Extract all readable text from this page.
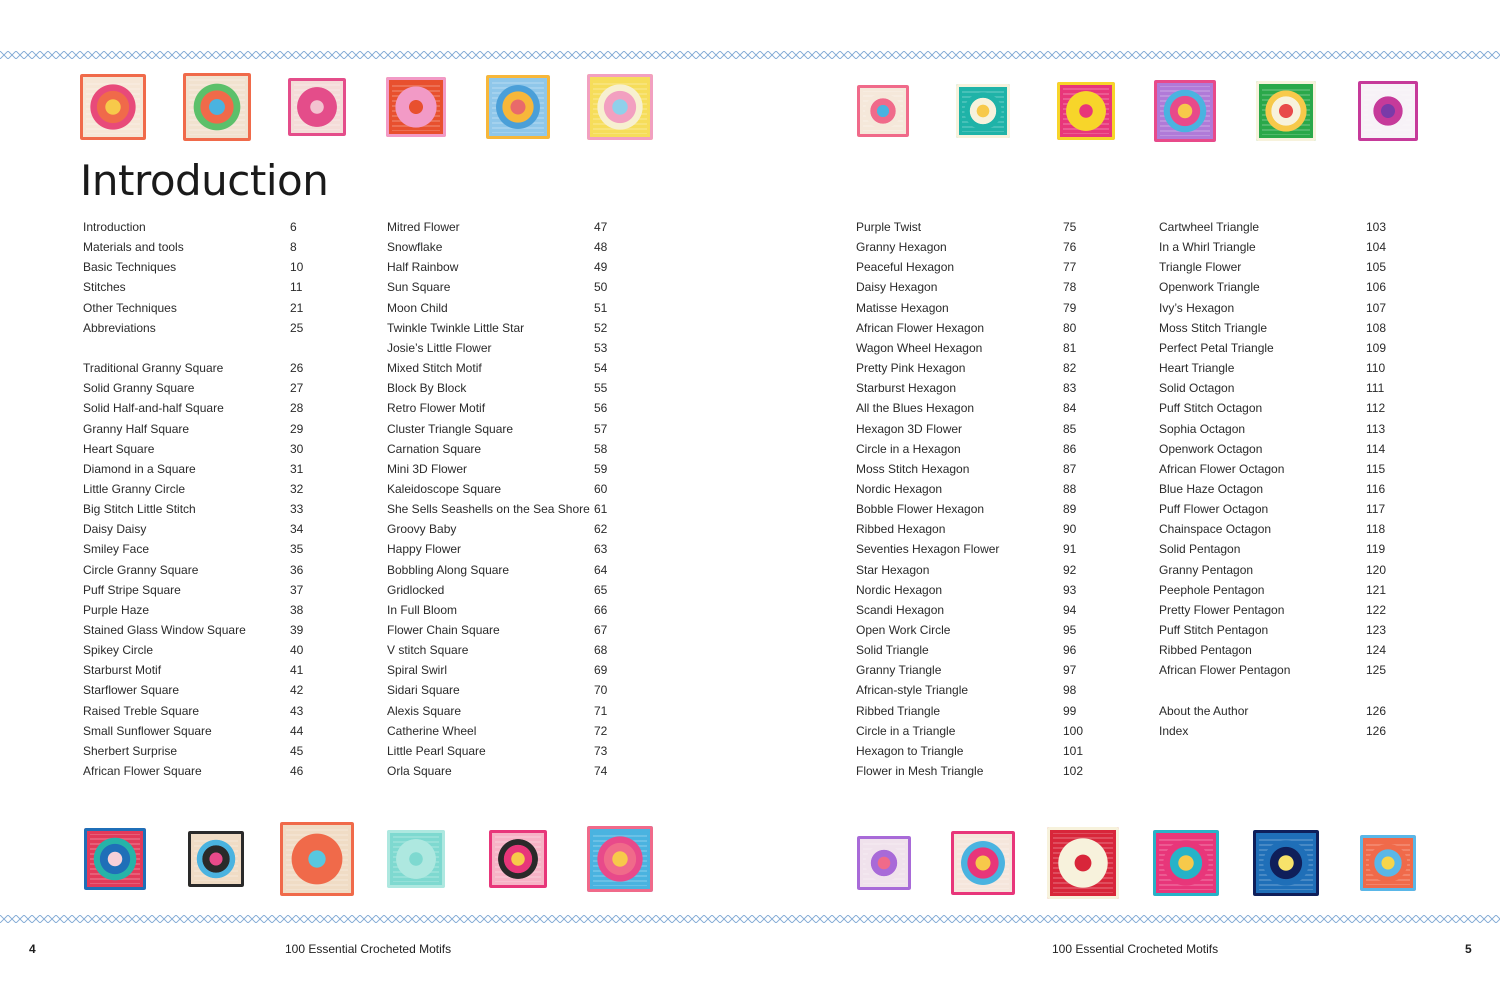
Introduction
Introduction	6
Materials and tools	8
Basic Techniques	10
Stitches	11
Other Techniques	21
Abbreviations	25
Traditional Granny Square	26
Solid Granny Square	27
Solid Half-and-half Square	28
Granny Half Square	29
Heart Square	30
Diamond in a Square	31
Little Granny Circle	32
Big Stitch Little Stitch	33
Daisy Daisy	34
Smiley Face	35
Circle Granny Square	36
Puff Stripe Square	37
Purple Haze	38
Stained Glass Window Square	39
Spikey Circle	40
Starburst Motif	41
Starflower Square	42
Raised Treble Square	43
Small Sunflower Square	44
Sherbert Surprise	45
African Flower Square	46
Mitred Flower	47
Snowflake	48
Half Rainbow	49
Sun Square	50
Moon Child	51
Twinkle Twinkle Little Star	52
Josie’s Little Flower	53
Mixed Stitch Motif	54
Block By Block	55
Retro Flower Motif	56
Cluster Triangle Square	57
Carnation Square	58
Mini 3D Flower	59
Kaleidoscope Square	60
She Sells Seashells on the Sea Shore 61
Groovy Baby	62
Happy Flower	63
Bobbling Along Square	64
Gridlocked	65
In Full Bloom	66
Flower Chain Square	67
V stitch Square	68
Spiral Swirl	69
Sidari Square	70
Alexis Square	71
Catherine Wheel	72
Little Pearl Square	73
Orla Square	74
Purple Twist	75
Granny Hexagon	76
Peaceful Hexagon	77
Daisy Hexagon	78
Matisse Hexagon	79
African Flower Hexagon	80
Wagon Wheel Hexagon	81
Pretty Pink Hexagon	82
Starburst Hexagon	83
All the Blues Hexagon	84
Hexagon 3D Flower	85
Circle in a Hexagon	86
Moss Stitch Hexagon	87
Nordic Hexagon	88
Bobble Flower Hexagon	89
Ribbed Hexagon	90
Seventies Hexagon Flower	91
Star Hexagon	92
Nordic Hexagon	93
Scandi Hexagon	94
Open Work Circle	95
Solid Triangle	96
Granny Triangle	97
African-style Triangle	98
Ribbed Triangle	99
Circle in a Triangle	100
Hexagon to Triangle	101
Flower in Mesh Triangle	102
Cartwheel Triangle	103
In a Whirl Triangle	104
Triangle Flower	105
Openwork Triangle	106
Ivy’s Hexagon	107
Moss Stitch Triangle	108
Perfect Petal Triangle	109
Heart Triangle	110
Solid Octagon	111
Puff Stitch Octagon	112
Sophia Octagon	113
Openwork Octagon	114
African Flower Octagon	115
Blue Haze Octagon	116
Puff Flower Octagon	117
Chainspace Octagon	118
Solid Pentagon	119
Granny Pentagon	120
Peephole Pentagon	121
Pretty Flower Pentagon	122
Puff Stitch Pentagon	123
Ribbed Pentagon	124
African Flower Pentagon	125
About the Author	126
Index	126
4	100 Essential Crocheted Motifs	100 Essential Crocheted Motifs	5
